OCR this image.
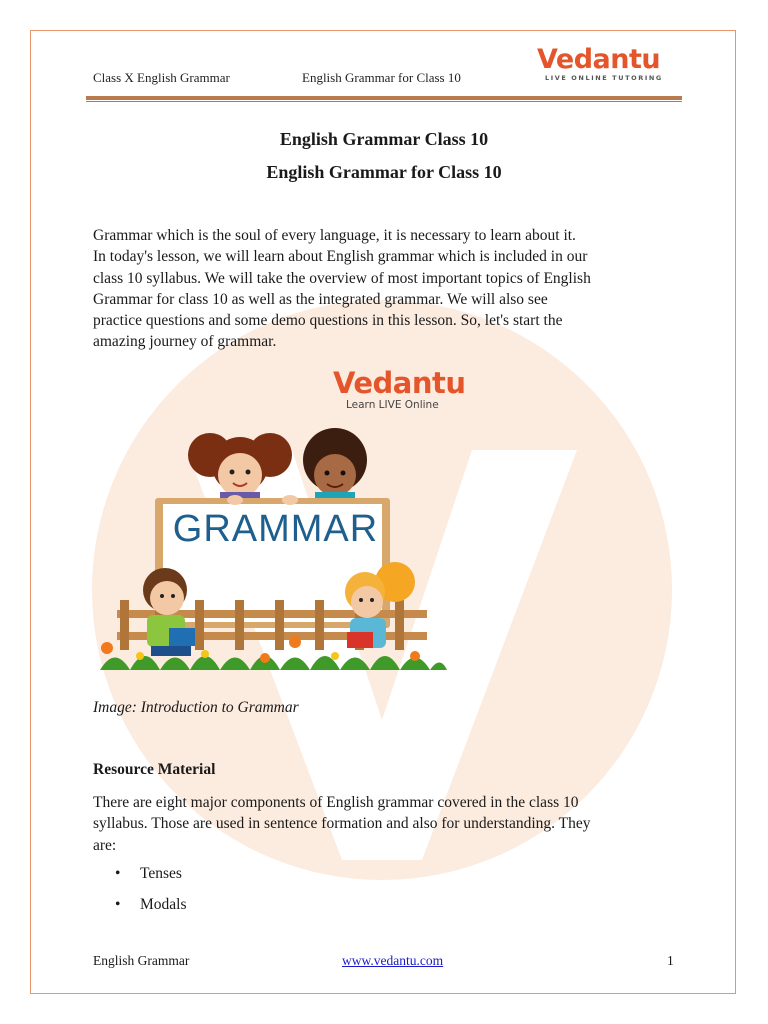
Class X English Grammar	English Grammar for Class 10
Vedantu
LIVE ONLINE TUTORING
English Grammar Class 10
English Grammar for Class 10
Grammar which is the soul of every language, it is necessary to learn about it.
In today's lesson, we will learn about English grammar which is included in our
class 10 syllabus. We will take the overview of most important topics of English
Grammar for class 10 as well as the integrated grammar. We will also see
practice questions and some demo questions in this lesson. So, let's start the
amazing journey of grammar.
Vedantu
Learn LIVE Online
GRAMMAR
Image: Introduction to Grammar
Resource Material
There are eight major components of English grammar covered in the class 10
syllabus. Those are used in sentence formation and also for understanding. They
are:
• Tenses
• Modals
English Grammar	www.vedantu.com	1
